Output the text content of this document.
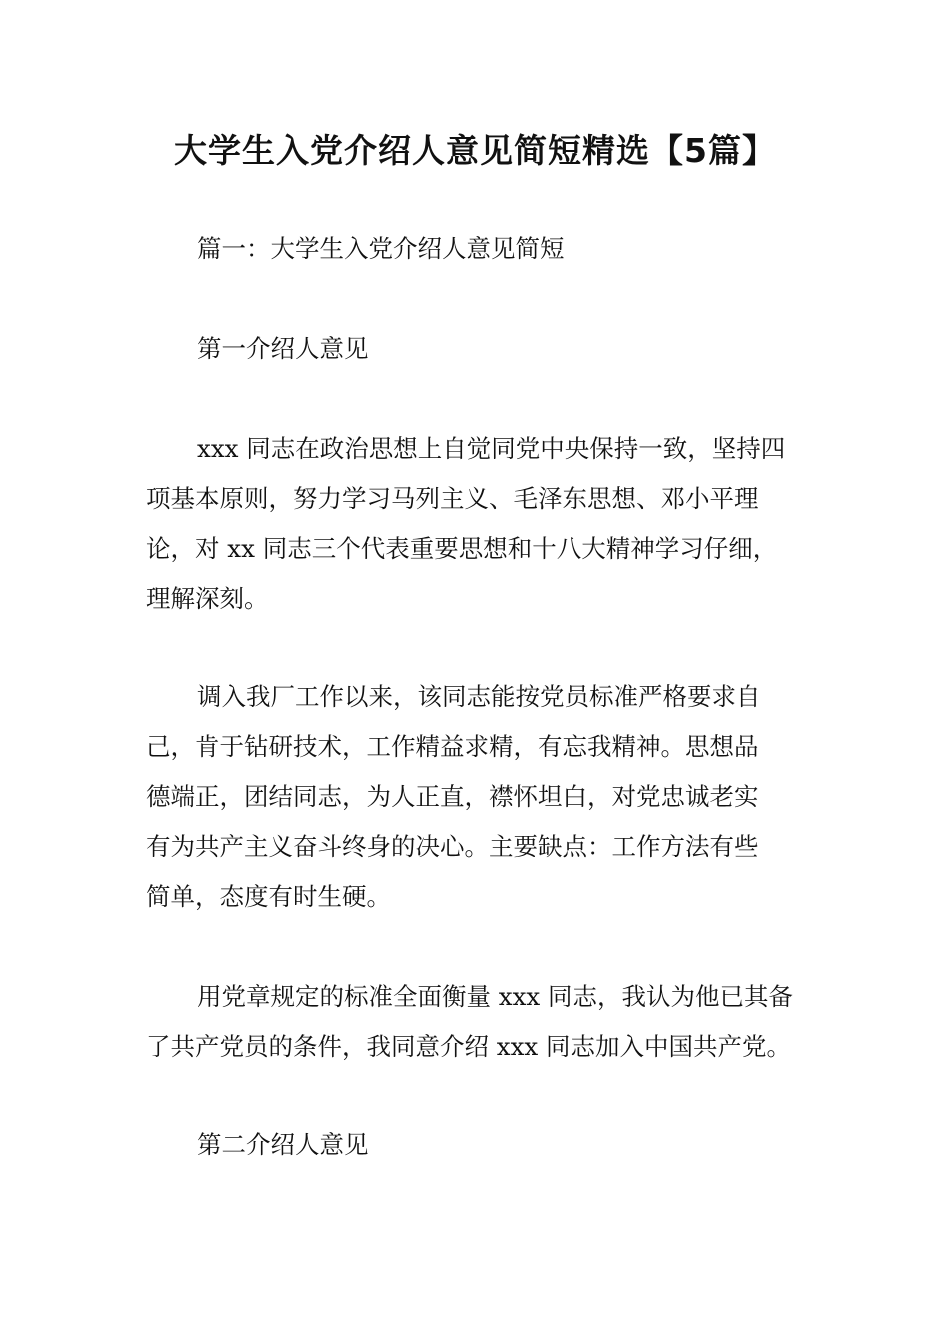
大学生入党介绍人意见简短精选【5篇】

篇一：大学生入党介绍人意见简短

第一介绍人意见

xxx 同志在政治思想上自觉同党中央保持一致，坚持四

项基本原则，努力学习马列主义、毛泽东思想、邓小平理

论，对 xx 同志三个代表重要思想和十八大精神学习仔细，

理解深刻。

调入我厂工作以来，该同志能按党员标准严格要求自

己，肯于钻研技术，工作精益求精，有忘我精神。思想品

德端正，团结同志，为人正直，襟怀坦白，对党忠诚老实

有为共产主义奋斗终身的决心。主要缺点：工作方法有些

简单，态度有时生硬。

用党章规定的标准全面衡量 xxx 同志，我认为他已其备

了共产党员的条件，我同意介绍 xxx 同志加入中国共产党。

第二介绍人意见
